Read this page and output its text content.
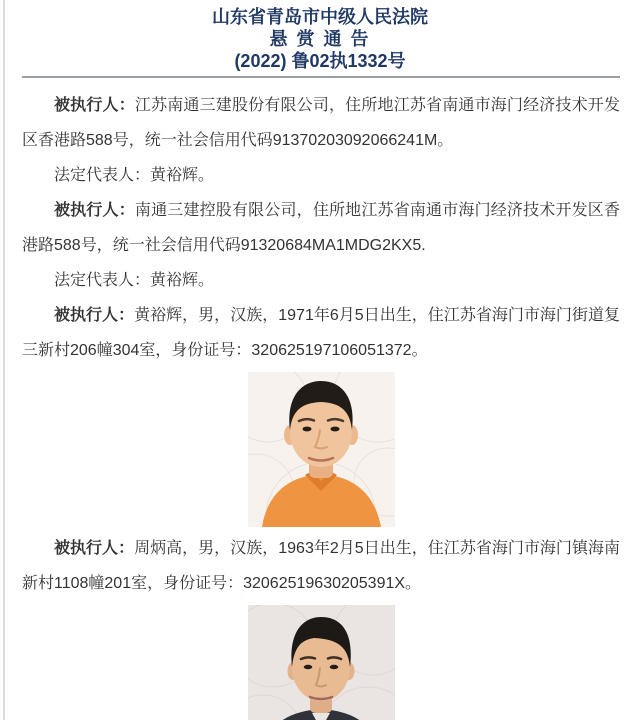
山东省青岛市中级人民法院
悬 赏 通 告
(2022) 鲁02执1332号

被执行人：江苏南通三建股份有限公司，住所地江苏省南通市海门经济技术开发区香港路588号，统一社会信用代码91370203092066241M。

法定代表人：黄裕辉。

被执行人：南通三建控股有限公司，住所地江苏省南通市海门经济技术开发区香港路588号，统一社会信用代码91320684MA1MDG2KX5.

法定代表人：黄裕辉。

被执行人：黄裕辉，男，汉族，1971年6月5日出生，住江苏省海门市海门街道复三新村206幢304室，身份证号：320625197106051372。

被执行人：周炳高，男，汉族，1963年2月5日出生，住江苏省海门市海门镇海南新村1108幢201室，身份证号：32062519630205391X。
